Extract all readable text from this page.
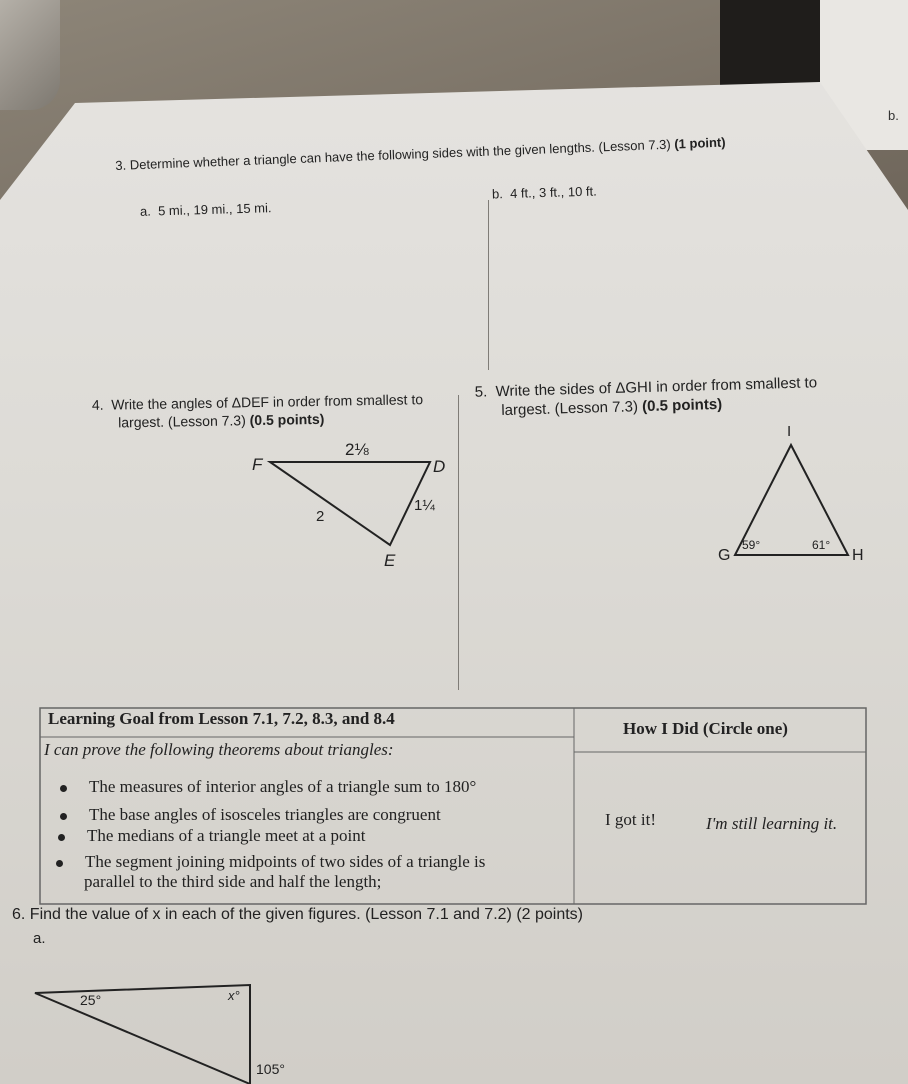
b.
3. Determine whether a triangle can have the following sides with the given lengths. (Lesson 7.3) (1 point)
a. 5 mi., 19 mi., 15 mi.
b. 4 ft., 3 ft., 10 ft.
4. Write the angles of ΔDEF in order from smallest to
largest. (Lesson 7.3) (0.5 points)
F	D
E
2⅛
2
1¼
I
G	H
59°	61°
25°	x°
105°
5. Write the sides of ΔGHI in order from smallest to
largest. (Lesson 7.3) (0.5 points)
Learning Goal from Lesson 7.1, 7.2, 8.3, and 8.4
I can prove the following theorems about triangles:
The measures of interior angles of a triangle sum to 180°
The base angles of isosceles triangles are congruent
The medians of a triangle meet at a point
The segment joining midpoints of two sides of a triangle is
parallel to the third side and half the length;
How I Did (Circle one)
I got it!	I'm still learning it.
6. Find the value of x in each of the given figures. (Lesson 7.1 and 7.2) (2 points)
a.
